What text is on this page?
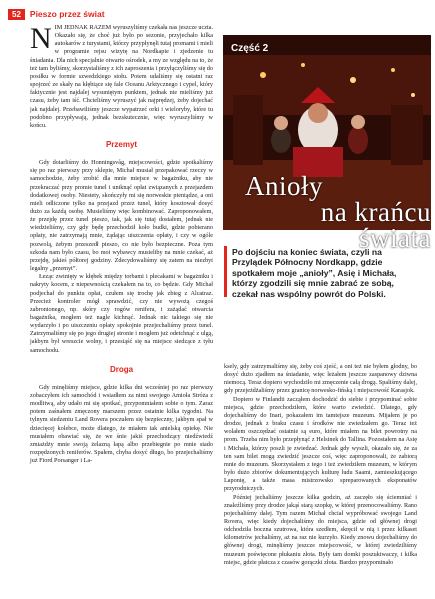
52	Pieszo przez świat

NIM JEDNAK RAZEM wyruszyliśmy czekała nas jeszcze uczta. Okazało się, że choć już było po sezonie, przyjechało kilka autokarów z turystami, którzy przypłynęli tutaj promami i mieli w programie rejsu wizytę na Nordkapie i zjedzenie tu śniadania. Dla nich specjalnie otwarto ośrodek, a my ze względu na to, że też tam byliśmy, skorzystaliśmy z ich zaproszenia i przyłączyliśmy się do posiłku w formie szwedzkiego stołu. Potem udaliśmy się ostatni raz spojrzeć ze skały na kłębiące się fale Oceanu Arktycznego i cypel, który faktycznie jest najdalej wysuniętym punktem, jednak nie mieliśmy już czasu, żeby tam iść. Chcieliśmy wyruszyć jak najprędzej, żeby dojechać jak najdalej. Przebawiliśmy jeszcze wypatrzeć orki i wieloryby, które tu podobno przypływają, jednak bezskutecznie, więc wyruszyliśmy w końcu.

Przemyt

Gdy dotarliśmy do Honningsvåg, miejscowości, gdzie spotkaliśmy się po raz pierwszy przy sklepie, Michał musiał przepakować rzeczy w samochodzie, żeby zrobić dla mnie miejsce w bagażniku, aby nie przekraczać przy promie tunel i uniknąć opłat związanych z przejazdem dodatkowej osoby. Niestety, skończyły mi się norweskie pieniądze, a oni mieli odliczone tylko na przejazd przez tunel, który kosztował dosyć dużo za każdą osobę. Musieliśmy więc kombinować. Zaproponowałem, że przejdę przez tunel pieszo, tak, jak się tutaj dostałem, jednak nie wiedzieliśmy, czy gdy będę przechodził koło budki, gdzie pobierano opłaty, nie zatrzymają mnie, żądając uiszczenia opłaty, i czy w ogóle pozwolą, żebym przeszedł pieszo, co nie było bezpieczne. Poza tym szkoda nam było czasu, bo moi wybawcy musieliby na mnie czekać, aż przejdę, jakieś półtorej godziny. Zdecydowaliśmy się zatem na niezbyt legalny „przemyt”.

Łeząc zwinięty w kłębek między torbami i plecakami w bagażniku i nakryty kocem, z niepewnością czekałem na to, co będzie. Gdy Michał podjechał do punktu opłat, czułem się trochę jak zbieg z Alcatraz. Przecież kontroler mógł sprawdzić, czy nie wywożą czegoś zabronionego, np. skóry czy rogów renifera, i zażądać otwarcia bagażnika, mogłem też nagle kichnąć. Jednak nic takiego się nie wydarzyło i po uiszczeniu opłaty spokojnie przejechaliśmy przez tunel. Zatrzymaliśmy się po jego drugiej stronie i mogłem już odetchnąć z ulgą, jakbym był wreszcie wolny, i przesiąść się na miejsce siedzące z tyłu samochodu.

Droga

Gdy minęliśmy miejsce, gdzie kilka dni wcześniej po raz pierwszy zobaczyłem ich samochód i wsiadłem za nimi swojego Amioła Stróża z modlitwą, aby udało mi się spotkać, przypomniałem sobie o tym. Zaraz potem zaśnałem zmęczony marszem przez ostatnie kilka tygodni. Na tylnym siedzeniu Land Rovera poczułem się bezpieczny, jakbym spał w dziecięcej kolebce, może dlatego, że miałem tak anielską opiekę. Nie musiałem obawiać się, że we śnie jakiś przechodzący niedźwiedź zmiażdży mnie swoją żelazną łapą albo przebiegnie po mnie stado rozpędzonych reniferów. Spałem, chyba dosyć długo, bo przejechaliśmy już Fiord Porsanger i La-

Część 2
Anioły
na krańcu świata
Po dojściu na koniec świata, czyli na Przylądek Północny Nordkapp, gdzie spotkałem moje „anioły”, Asię i Michała, którzy zgodzili się mnie zabrać ze sobą, czekał nas wspólny powrót do Polski.

ksely, gdy zatrzymaliśmy się, żeby coś zjeść, a oni też nie byłem głodny, bo dosyć dużo zjadłem na śniadanie, więc leżałem jeszcze zaspanowy dziwna niemocą. Teraz dopiero wychodziło mi zmęczenie całą drogą. Spaliśmy dalej, gdy przejeżdżaliśmy przez granicę norwesko-fińską i miejscowość Karasjok.

Dopiero w Finlandii zacząłem dochodzić do siebie i przypominać sobie miejsca, gdzie przechodziłem, które warto zwiedzić. Dlatego, gdy dojechaliśmy do Inari, pokazałem im tamtejsze muzeum. Mijałem je po drodze, jednak z braku czasu i środków nie zwiedzałem go. Teraz też wolałem oszczędzać ostatnie są euro, które miałem na bilet powrotny na prom. Trzeba nim było przepłynąć z Helsinek do Tallina. Pozostałem na Asię i Michała, którzy poszli je zwiedzać. Jednak gdy wyszli, okazało się, że za ten sam bilet mogą zwiedzić jeszcze coś, więc zaproponowali, że zabiorą mnie do muzeum. Skorzystałem z tego i też zwiedziłem muzeum, w którym było dużo zbiorów dokumentujących kulturę ludu Saami, zamieszkującego Laponię, a także masa mistrzowsko spreparowanych eksponatów przyrodniczych.

Później jechaliśmy jeszcze kilka godzin, aż zaczęło się ściemniać i znaleźliśmy przy drodze jakąś starą szopkę, w której przenocowaliśmy. Rano pojechaliśmy dalej. Tym razem Michał chciał wypróbować swojego Land Rovera, więc kiedy dojechaliśmy do miejsca, gdzie od głównej drogi odchodziła boczna szutrowa, która szedłem, skręcił w nią i przez kilkaset kilometrów jechaliśmy, aż na raz nie kurzyło. Kiedy znowu dojechaliśmy do głównej drogi, minęliśmy jeszcze miejscowość, w której zwiedziliśmy muzeum poświęcone płukaniu złota. Były tam domki poszukiwaczy, i kilka miejsc, gdzie płatcza z czasów gorączki złota. Bardzo przypominało
